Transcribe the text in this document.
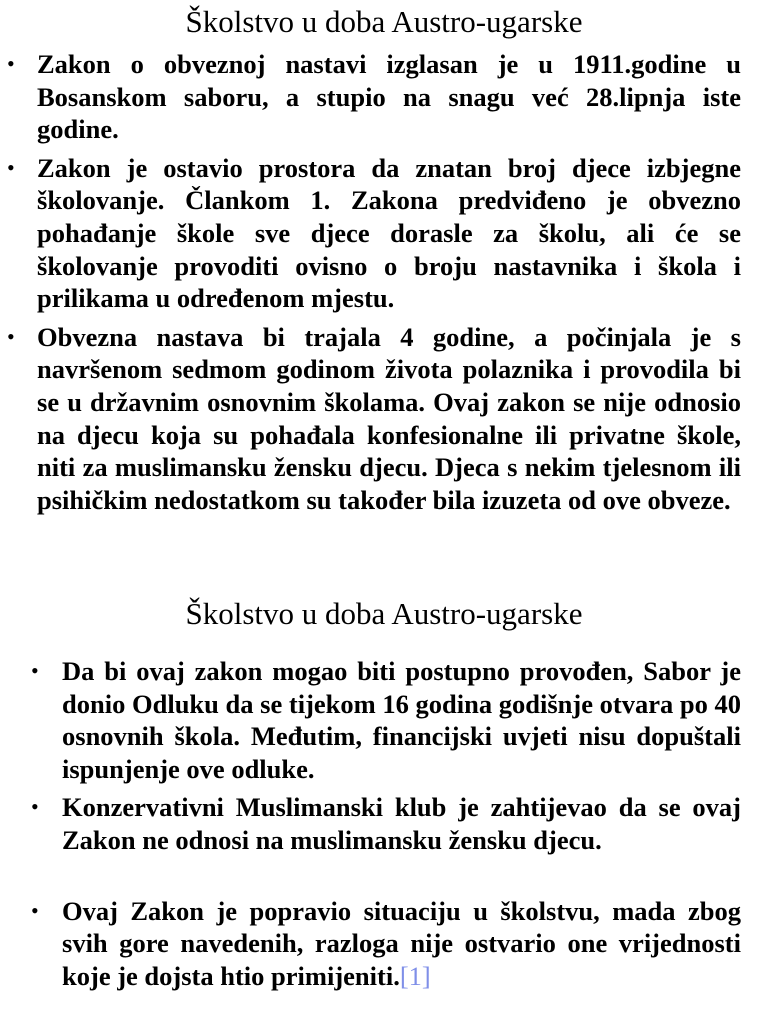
Školstvo u doba Austro-ugarske
• Zakon o obveznoj nastavi izglasan je u 1911.godine u Bosanskom saboru, a stupio na snagu već 28.lipnja iste godine.

• Zakon je ostavio prostora da znatan broj djece izbjegne školovanje. Člankom 1. Zakona predviđeno je obvezno pohađanje škole sve djece dorasle za školu, ali će se školovanje provoditi ovisno o broju nastavnika i škola i prilikama u određenom mjestu.

• Obvezna nastava bi trajala 4 godine, a počinjala je s navršenom sedmom godinom života polaznika i provodila bi se u državnim osnovnim školama. Ovaj zakon se nije odnosio na djecu koja su pohađala konfesionalne ili privatne škole, niti za muslimansku žensku djecu. Djeca s nekim tjelesnom ili psihičkim nedostatkom su također bila izuzeta od ove obveze.

Školstvo u doba Austro-ugarske
• Da bi ovaj zakon mogao biti postupno provođen, Sabor je donio Odluku da se tijekom 16 godina godišnje otvara po 40 osnovnih škola. Međutim, financijski uvjeti nisu dopuštali ispunjenje ove odluke.

• Konzervativni Muslimanski klub je zahtijevao da se ovaj Zakon ne odnosi na muslimansku žensku djecu.

• Ovaj Zakon je popravio situaciju u školstvu, mada zbog svih gore navedenih, razloga nije ostvario one vrijednosti koje je dojsta htio primijeniti.[1]
